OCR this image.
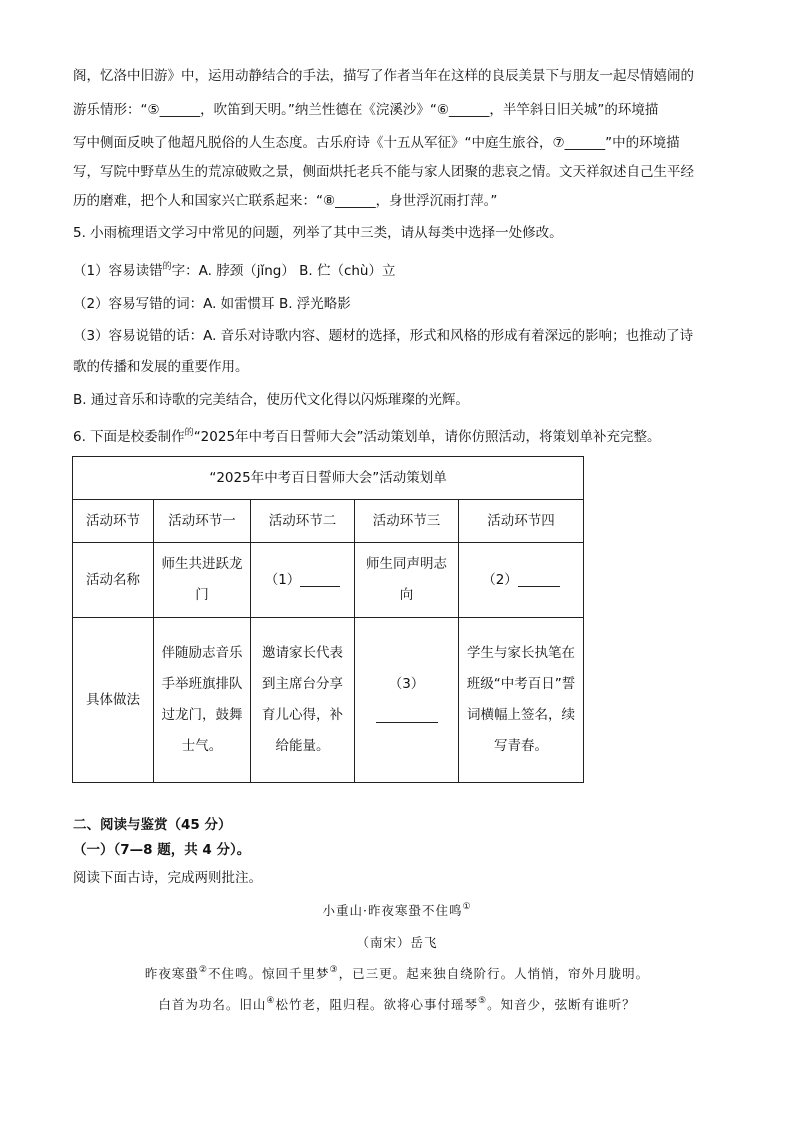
阁，忆洛中旧游》中，运用动静结合的手法，描写了作者当年在这样的良辰美景下与朋友一起尽情嬉闹的
游乐情形：“⑤______，吹笛到天明。”纳兰性德在《浣溪沙》“⑥______，半竿斜日旧关城”的环境描
写中侧面反映了他超凡脱俗的人生态度。古乐府诗《十五从军征》“中庭生旅谷，⑦______”中的环境描
写，写院中野草丛生的荒凉破败之景，侧面烘托老兵不能与家人团聚的悲哀之情。文天祥叙述自己生平经
历的磨难，把个人和国家兴亡联系起来：“⑧______，身世浮沉雨打萍。”
5. 小雨梳理语文学习中常见的问题，列举了其中三类，请从每类中选择一处修改。
（1）容易读错$^的$字：A. 脖颈（jǐng） B. 伫（chù）立
（2）容易写错的词：A. 如雷惯耳 B. 浮光略影
（3）容易说错的话：A. 音乐对诗歌内容、题材的选择，形式和风格的形成有着深远的影响；也推动了诗
歌的传播和发展的重要作用。
B. 通过音乐和诗歌的完美结合，使历代文化得以闪烁璀璨的光辉。
6. 下面是校委制作$^的$“2025年中考百日誓师大会”活动策划单，请你仿照活动，将策划单补充完整。
“2025年中考百日誓师大会”活动策划单				
活动环节	活动环节一	活动环节二	活动环节三	活动环节四
活动名称	师生共进跃龙门	（1）	师生同声明志向	（2）
具体做法	伴随励志音乐手举班旗排队过龙门，鼓舞士气。	邀请家长代表到主席台分享育儿心得，补给能量。	（3）	学生与家长执笔在班级“中考百日”誓词横幅上签名，续写青春。
二、阅读与鉴赏（45 分）
（一）（7—8 题，共 4 分）。
阅读下面古诗，完成两则批注。
小重山·昨夜寒蛩不住鸣①
（南宋）岳飞
昨夜寒蛩②不住鸣。惊回千里梦③，已三更。起来独自绕阶行。人悄悄，帘外月胧明。
白首为功名。旧山④松竹老，阻归程。欲将心事付瑶琴⑤。知音少，弦断有谁听？
